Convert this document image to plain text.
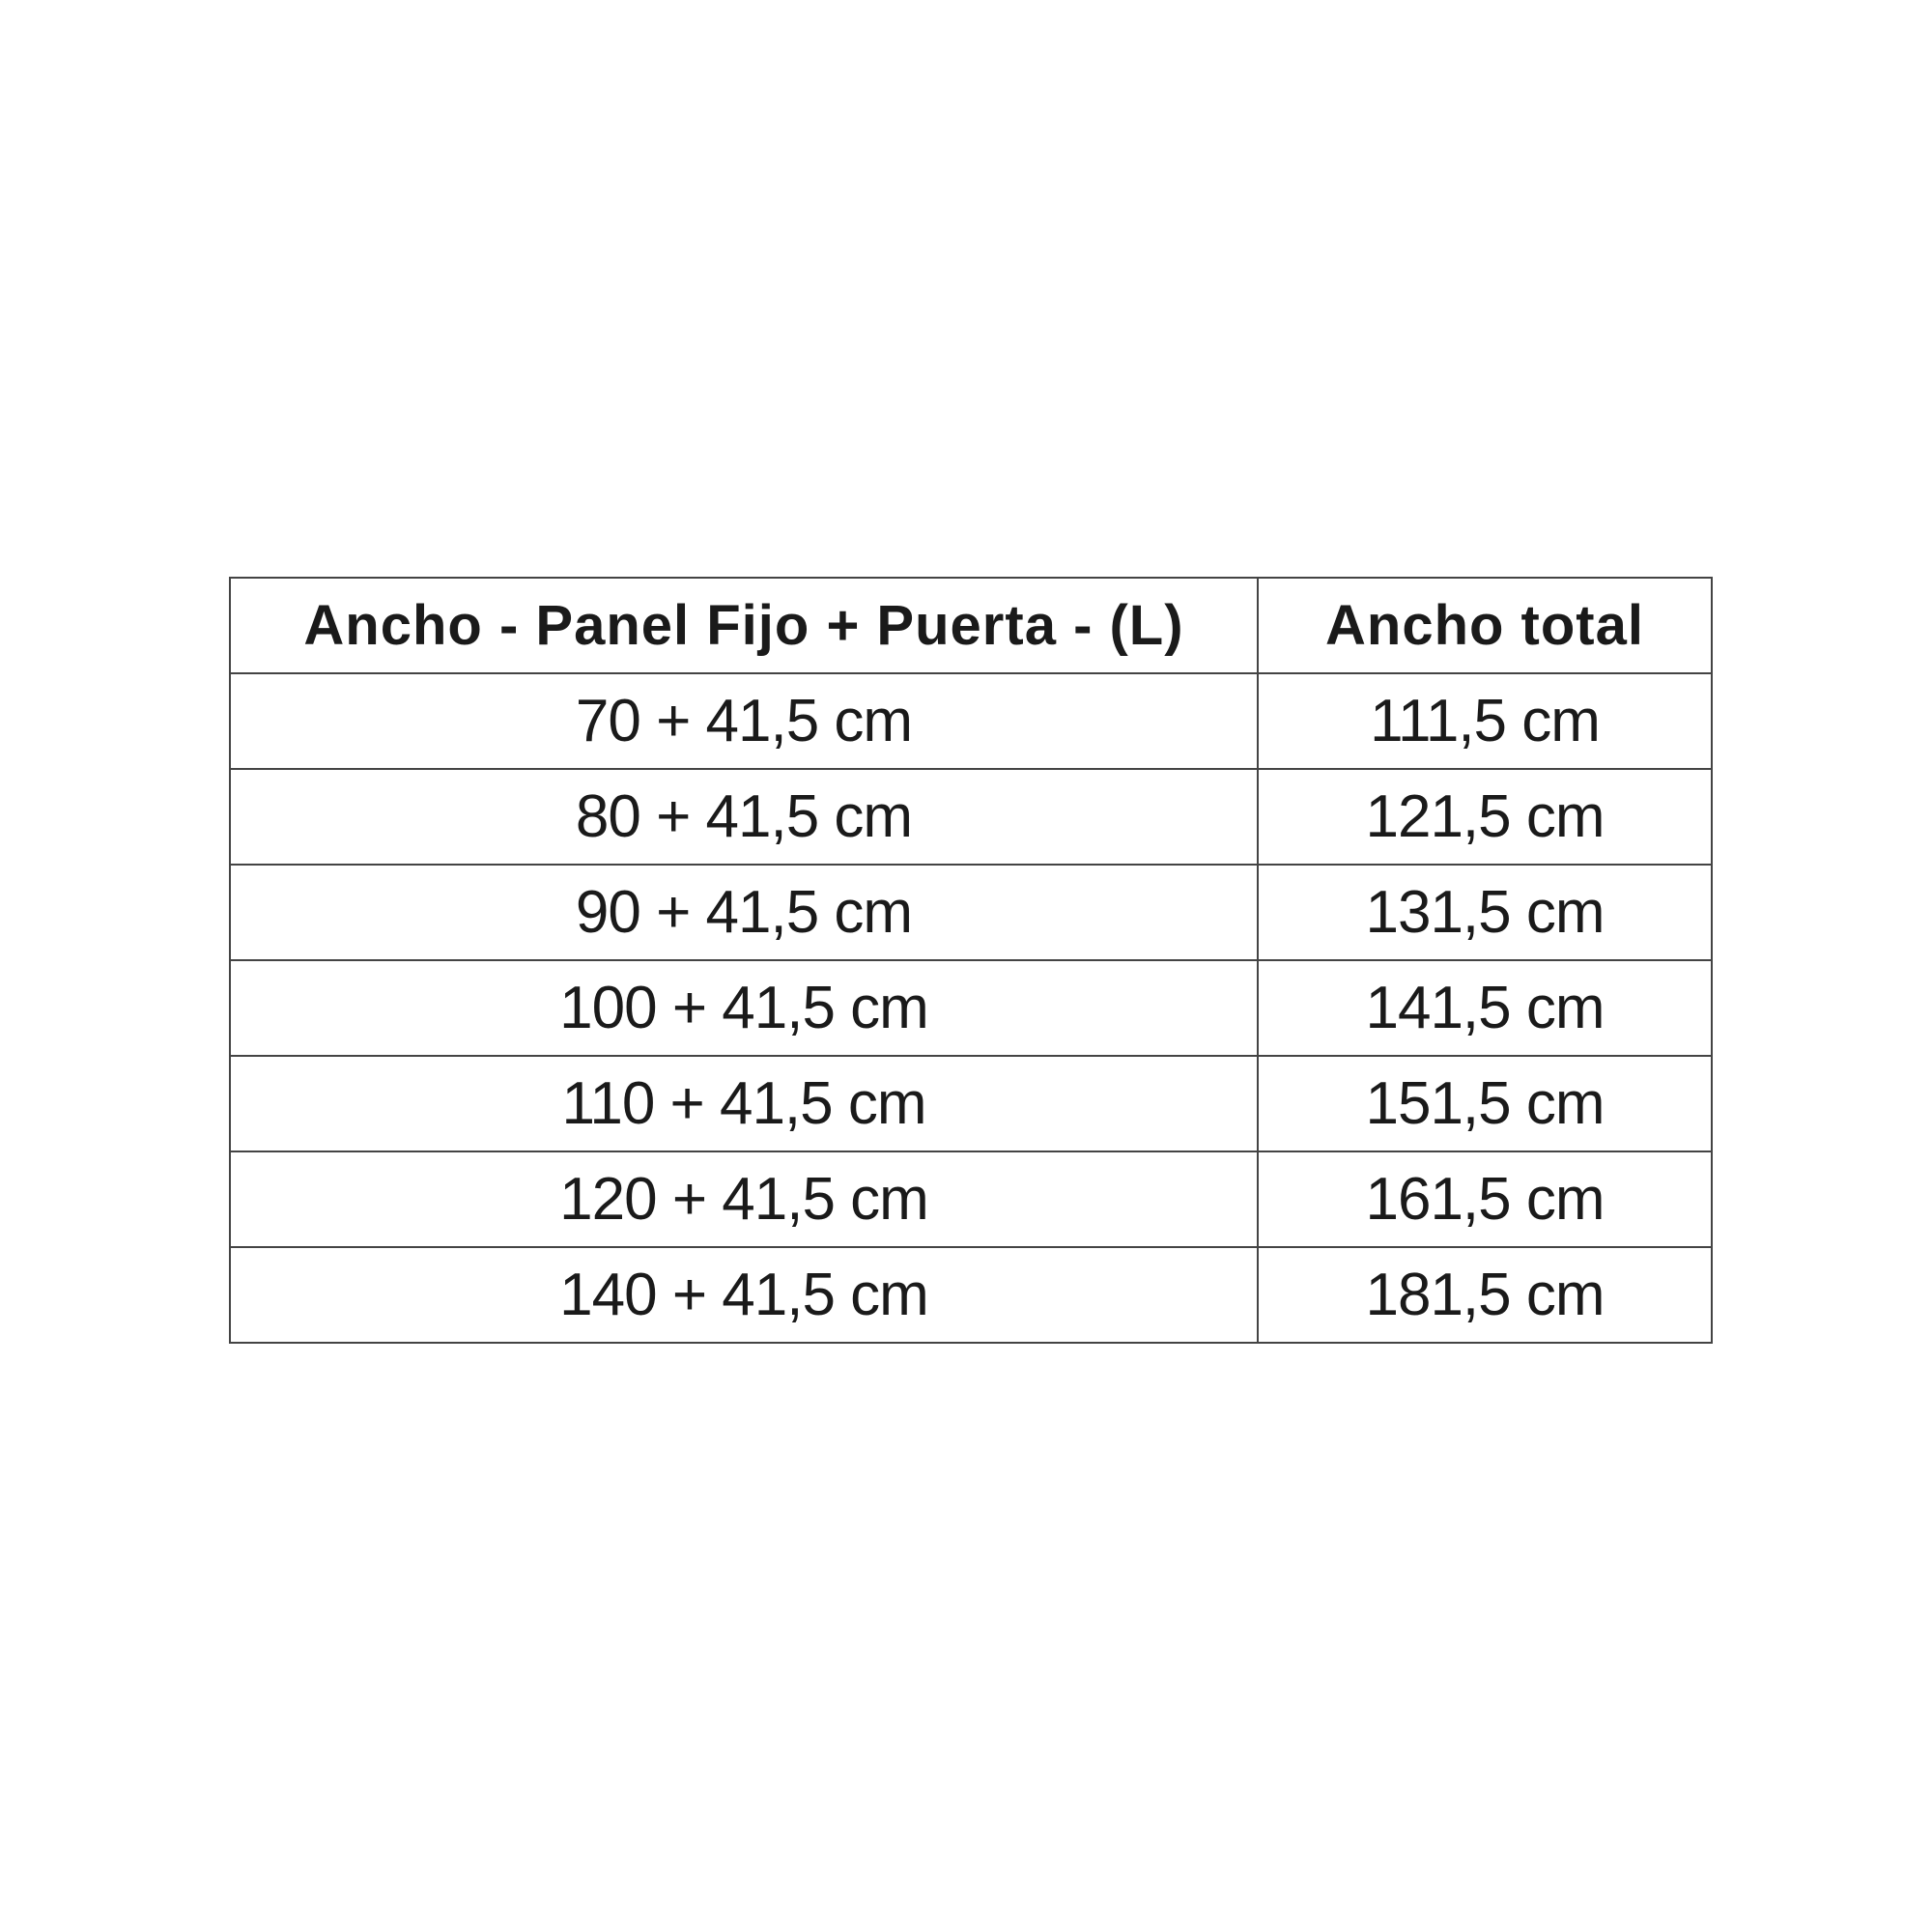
Ancho - Panel Fijo + Puerta - (L)	Ancho total
70 + 41,5 cm	111,5 cm
80 + 41,5 cm	121,5 cm
90 + 41,5 cm	131,5 cm
100 + 41,5 cm	141,5 cm
110 + 41,5 cm	151,5 cm
120 + 41,5 cm	161,5 cm
140 + 41,5 cm	181,5 cm
